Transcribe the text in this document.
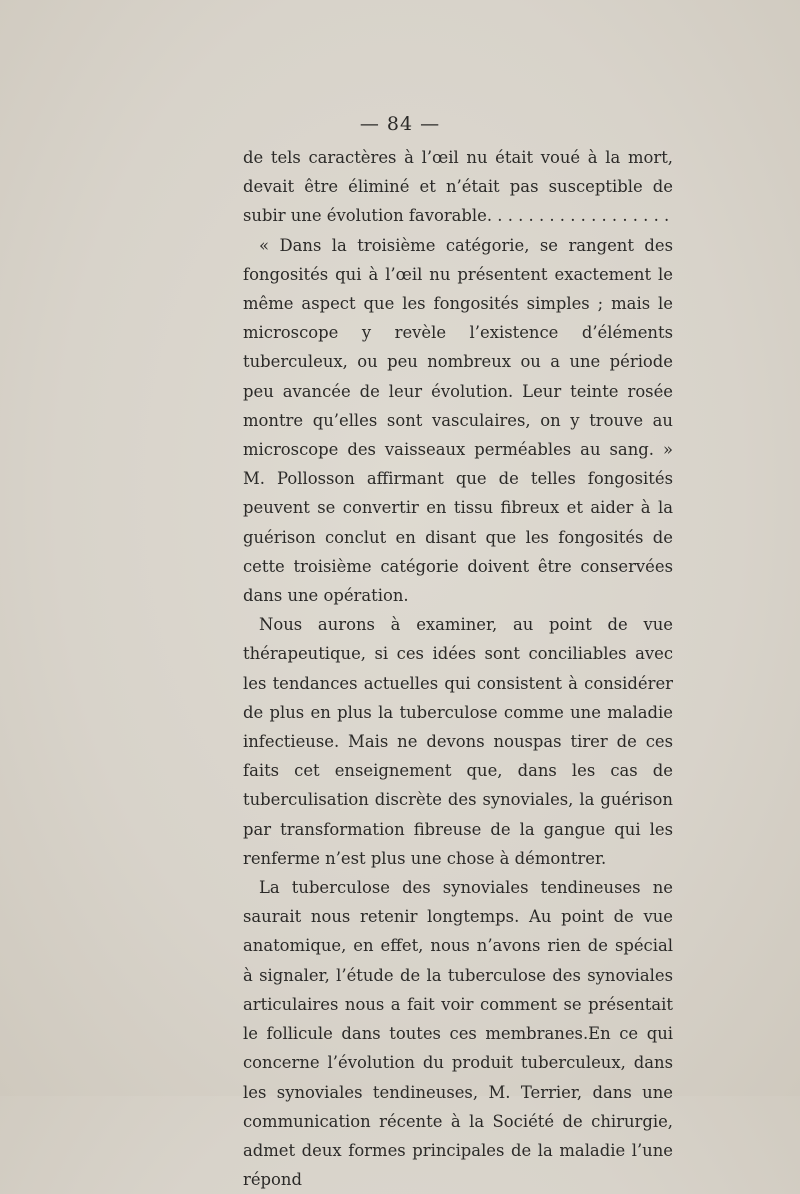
— 84 —

de tels caractères à l’œil nu était voué à la mort, devait être éliminé et n’était pas susceptible de subir une évolution favorable. . . . . . . . . . . . . . . . . .

« Dans la troisième catégorie, se rangent des fongosités qui à l’œil nu présentent exactement le même aspect que les fongosités simples ; mais le microscope y revèle l’existence d’éléments tuberculeux, ou peu nombreux ou a une période peu avancée de leur évolution. Leur teinte rosée montre qu’elles sont vasculaires, on y trouve au microscope des vaisseaux perméables au sang. » M. Pollosson affirmant que de telles fongosités peuvent se convertir en tissu fibreux et aider à la guérison conclut en disant que les fongosités de cette troisième catégorie doivent être conservées dans une opération.

Nous aurons à examiner, au point de vue thérapeutique, si ces idées sont conciliables avec les tendances actuelles qui consistent à considérer de plus en plus la tuberculose comme une maladie infectieuse. Mais ne devons nouspas tirer de ces faits cet enseignement que, dans les cas de tuberculisation discrète des synoviales, la guérison par transformation fibreuse de la gangue qui les renferme n’est plus une chose à démontrer.

La tuberculose des synoviales tendineuses ne saurait nous retenir longtemps. Au point de vue anatomique, en effet, nous n’avons rien de spécial à signaler, l’étude de la tuberculose des synoviales articulaires nous a fait voir comment se présentait le follicule dans toutes ces membranes.En ce qui concerne l’évolution du produit tuberculeux, dans les synoviales tendineuses, M. Terrier, dans une communication récente à la Société de chirurgie, admet deux formes principales de la maladie l’une répond
